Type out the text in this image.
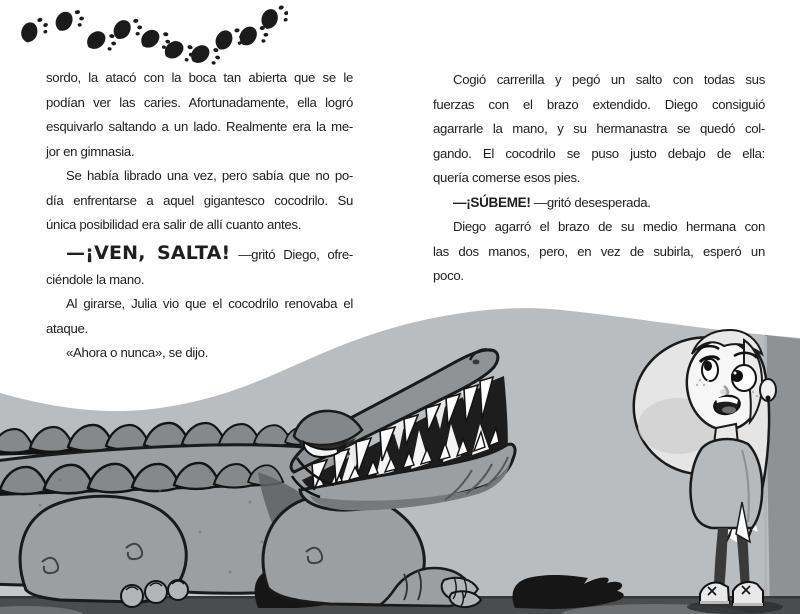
sordo, la atacó con la boca tan abierta que se le
podían ver las caries. Afortunadamente, ella logró
esquivarlo saltando a un lado. Realmente era la me-
jor en gimnasia.
Se había librado una vez, pero sabía que no po-
día enfrentarse a aquel gigantesco cocodrilo. Su
única posibilidad era salir de allí cuanto antes.
—¡VEN, SALTA! —gritó Diego, ofre-
ciéndole la mano.
Al girarse, Julia vio que el cocodrilo renovaba el
ataque.
«Ahora o nunca», se dijo.
Cogió carrerilla y pegó un salto con todas sus
fuerzas con el brazo extendido. Diego consiguió
agarrarle la mano, y su hermanastra se quedó col-
gando. El cocodrilo se puso justo debajo de ella:
quería comerse esos pies.
—¡SÚBEME! —gritó desesperada.
Diego agarró el brazo de su medio hermana con
las dos manos, pero, en vez de subirla, esperó un
poco.
